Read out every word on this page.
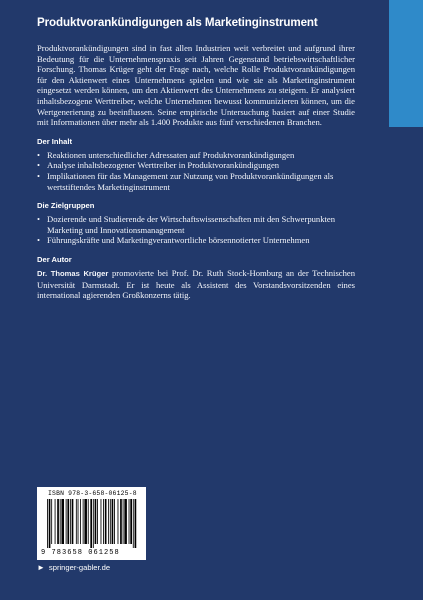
Produktvorankündigungen als Marketinginstrument

Produktvorankündigungen sind in fast allen Industrien weit verbreitet und aufgrund ihrer Bedeutung für die Unternehmenspraxis seit Jahren Gegenstand betriebswirtschaftlicher Forschung. Thomas Krüger geht der Frage nach, welche Rolle Produktvorankündigungen für den Aktienwert eines Unternehmens spielen und wie sie als Marketinginstrument eingesetzt werden können, um den Aktienwert des Unternehmens zu steigern. Er analysiert inhaltsbezogene Werttreiber, welche Unternehmen bewusst kommunizieren können, um die Wertgenerierung zu beeinflussen. Seine empirische Untersuchung basiert auf einer Studie mit Informationen über mehr als 1.400 Produkte aus fünf verschiedenen Branchen.

Der Inhalt
• Reaktionen unterschiedlicher Adressaten auf Produktvorankündigungen
• Analyse inhaltsbezogener Werttreiber in Produktvorankündigungen
• Implikationen für das Management zur Nutzung von Produktvorankündigungen als wertstiftendes Marketinginstrument
Die Zielgruppen
• Dozierende und Studierende der Wirtschaftswissenschaften mit den Schwerpunkten Marketing und Innovationsmanagement
• Führungskräfte und Marketingverantwortliche börsennotierter Unternehmen
Der Autor

Dr. Thomas Krüger promovierte bei Prof. Dr. Ruth Stock-Homburg an der Technischen Universität Darmstadt. Er ist heute als Assistent des Vorstandsvorsitzenden eines international agierenden Großkonzerns tätig.

ISBN 978-3-658-06125-8
9 783658 061258
► springer-gabler.de
